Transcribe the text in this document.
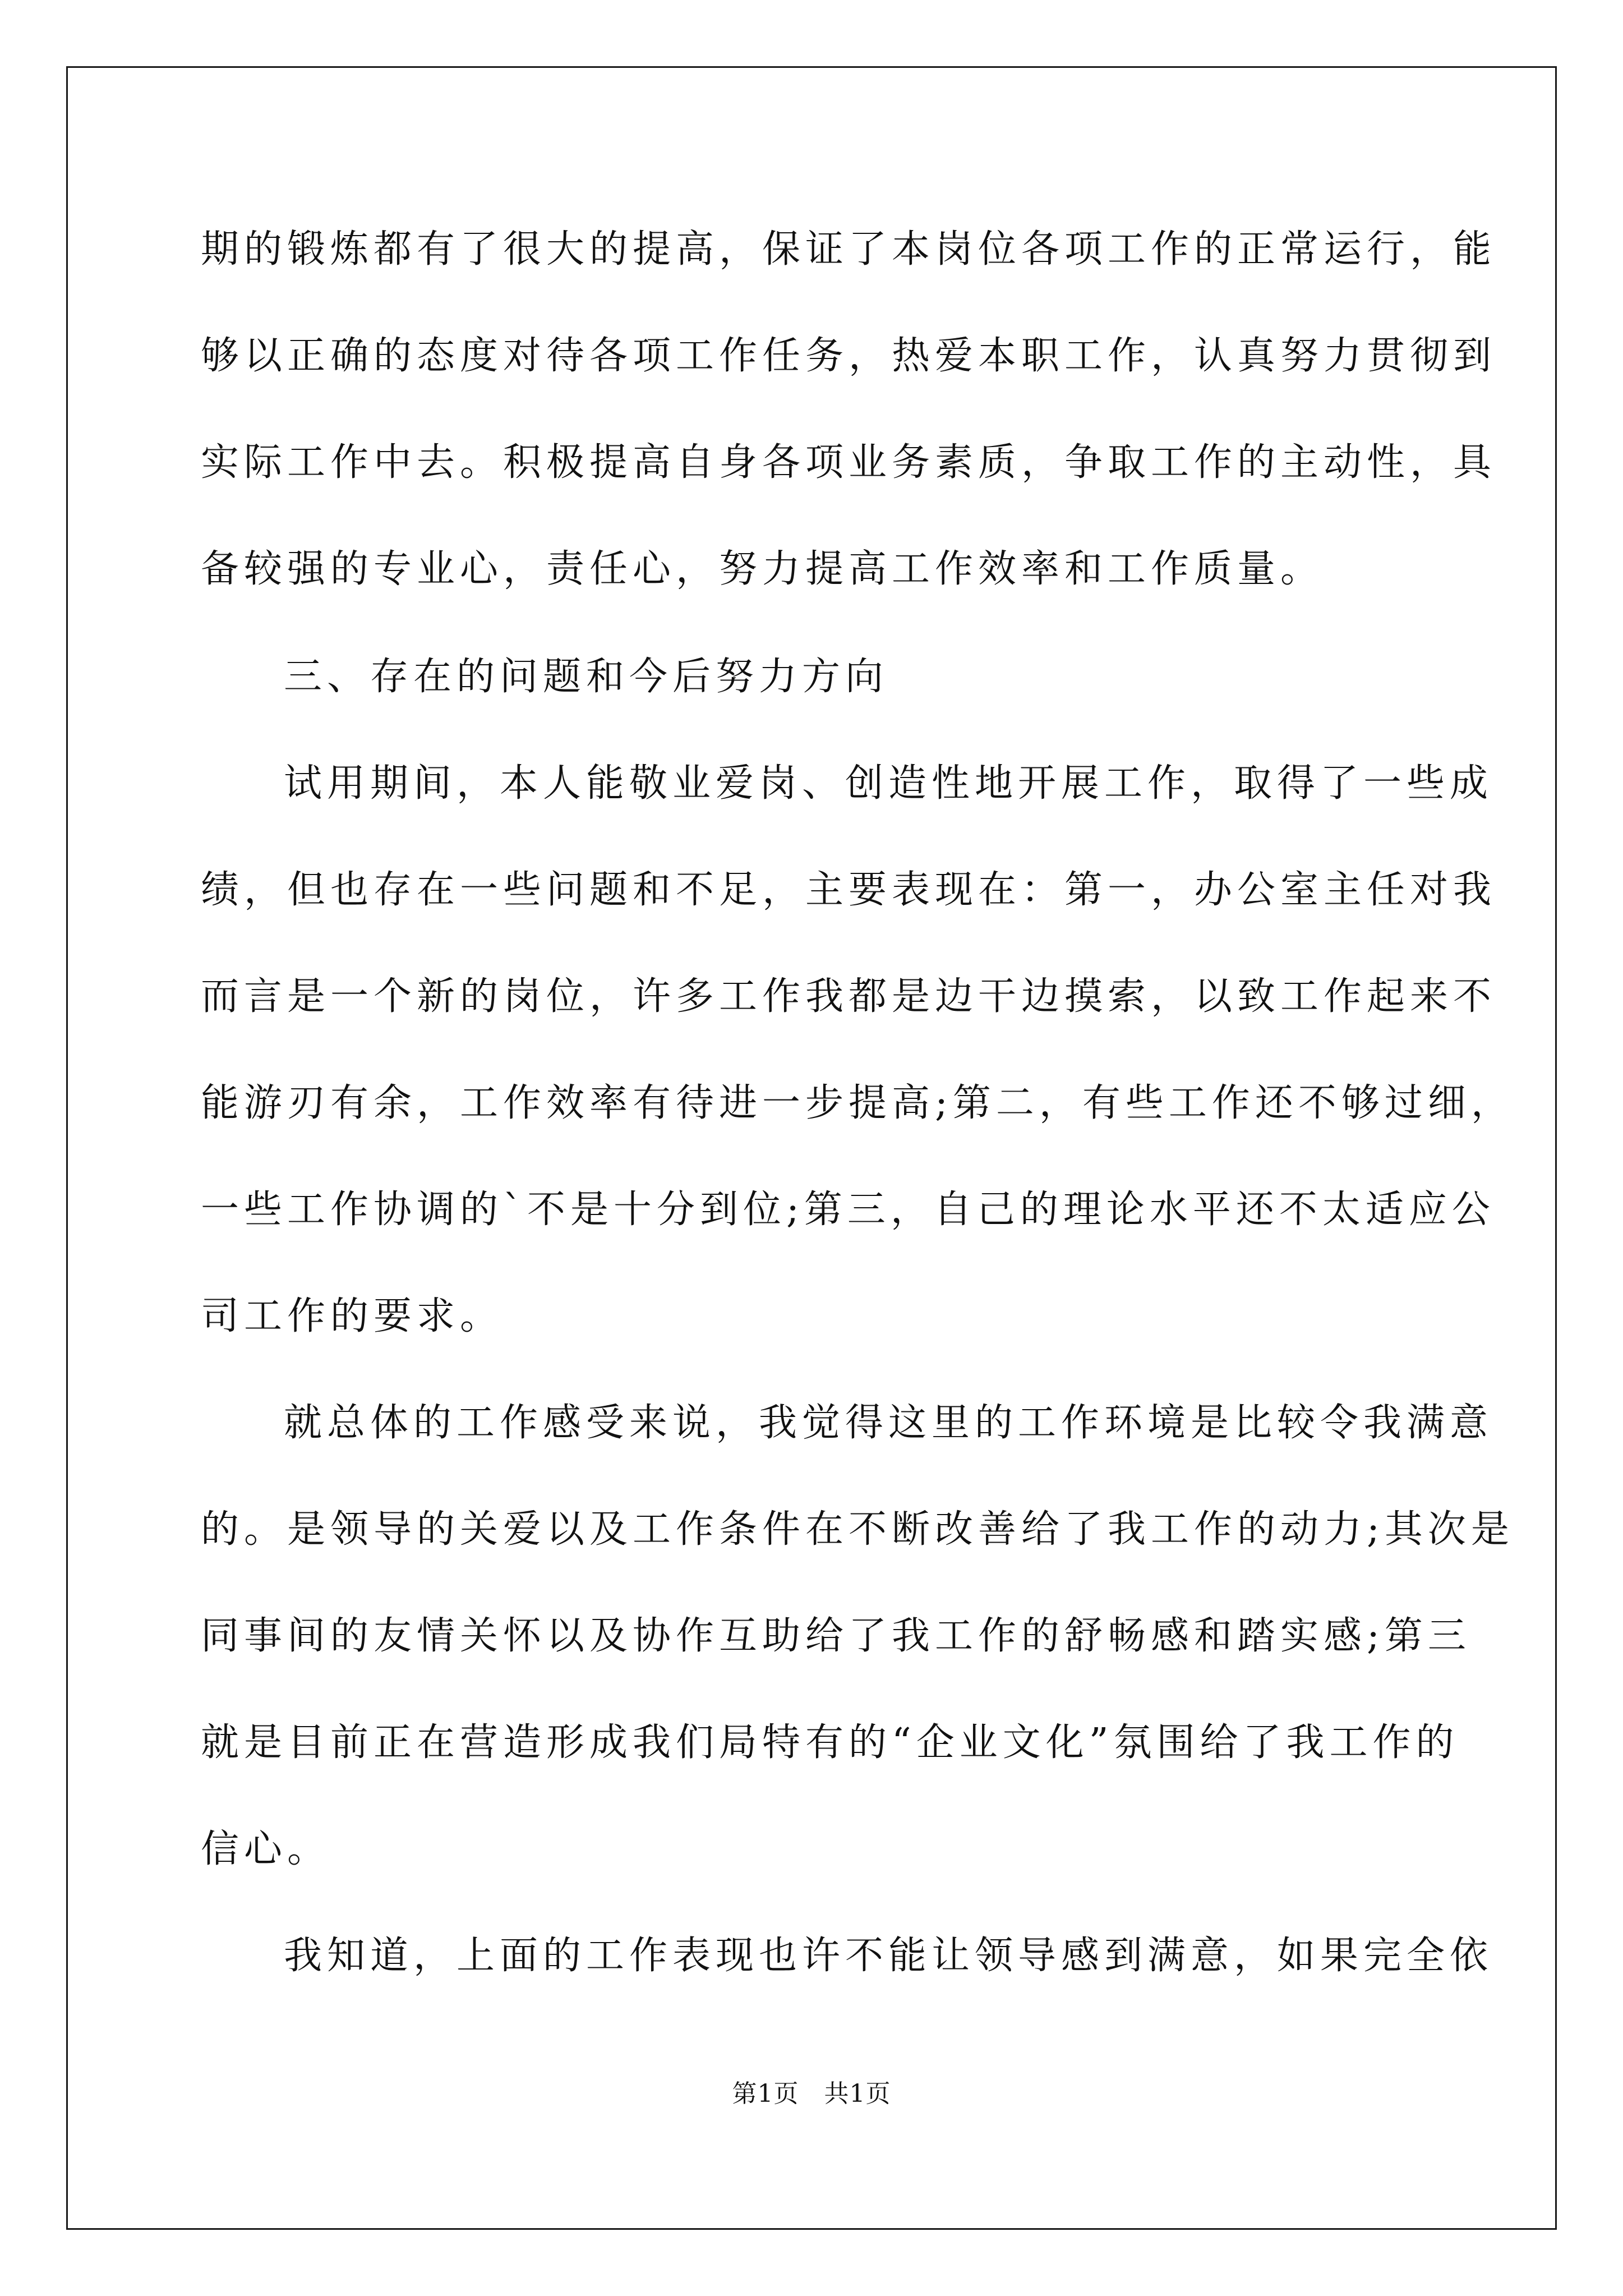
期的锻炼都有了很大的提高，保证了本岗位各项工作的正常运行，能
够以正确的态度对待各项工作任务，热爱本职工作，认真努力贯彻到
实际工作中去。积极提高自身各项业务素质，争取工作的主动性，具
备较强的专业心，责任心，努力提高工作效率和工作质量。
三、存在的问题和今后努力方向
试用期间，本人能敬业爱岗、创造性地开展工作，取得了一些成
绩，但也存在一些问题和不足，主要表现在：第一，办公室主任对我
而言是一个新的岗位，许多工作我都是边干边摸索，以致工作起来不
能游刃有余，工作效率有待进一步提高;第二，有些工作还不够过细，
一些工作协调的`不是十分到位;第三，自己的理论水平还不太适应公
司工作的要求。
就总体的工作感受来说，我觉得这里的工作环境是比较令我满意
的。是领导的关爱以及工作条件在不断改善给了我工作的动力;其次是
同事间的友情关怀以及协作互助给了我工作的舒畅感和踏实感;第三
就是目前正在营造形成我们局特有的“企业文化”氛围给了我工作的
信心。
我知道，上面的工作表现也许不能让领导感到满意，如果完全依
第1页　共1页
